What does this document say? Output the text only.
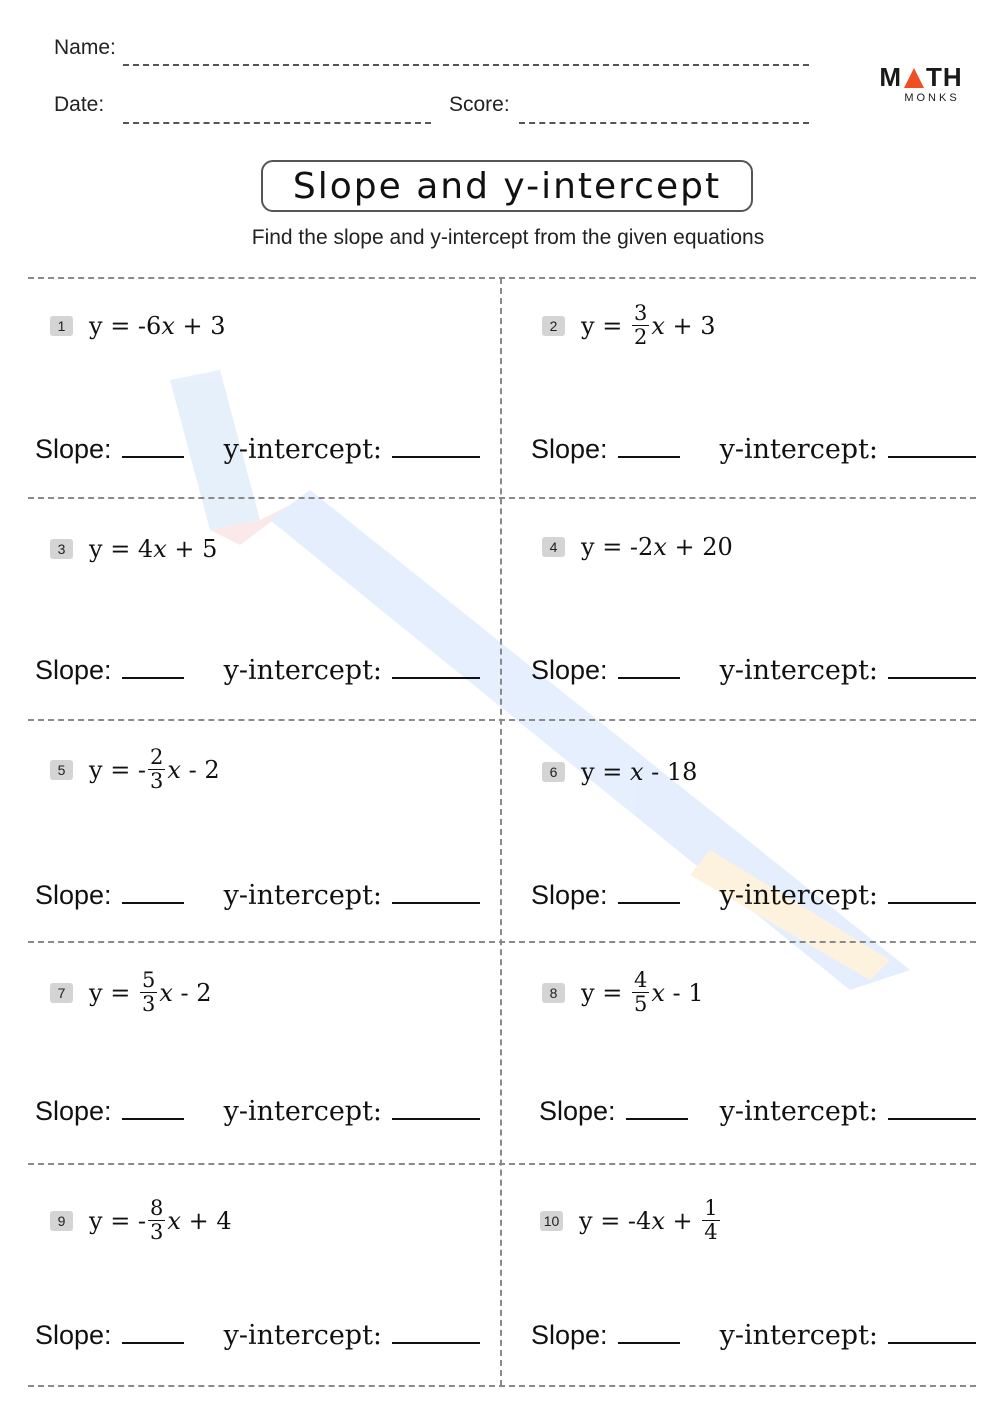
Name:
Date:	Score:
M TH
MONKS
Slope and y-intercept
Find the slope and y-intercept from the given equations
1 y = -6 x + 3	2 $y = \frac{3}{2}$ x + 3
3 y = 4 x + 5	4 y = -2 x + 20
5 y = - $\frac{2}{3}$ x - 2	6 y = x - 18
7 $y = \frac{5}{3}$ x - 2	8 $y = \frac{4}{5}$ x - 1
9 y = - $\frac{8}{3}$ x + 4	10 y = -4 $x + \frac{1}{4}$
Slope:	y-intercept:
Slope:	y-intercept:
Slope:	y-intercept:
Slope:	y-intercept:
Slope:	y-intercept:
Slope:	y-intercept:
Slope:	y-intercept:
Slope:	y-intercept:
Slope:	y-intercept:
Slope:	y-intercept:
